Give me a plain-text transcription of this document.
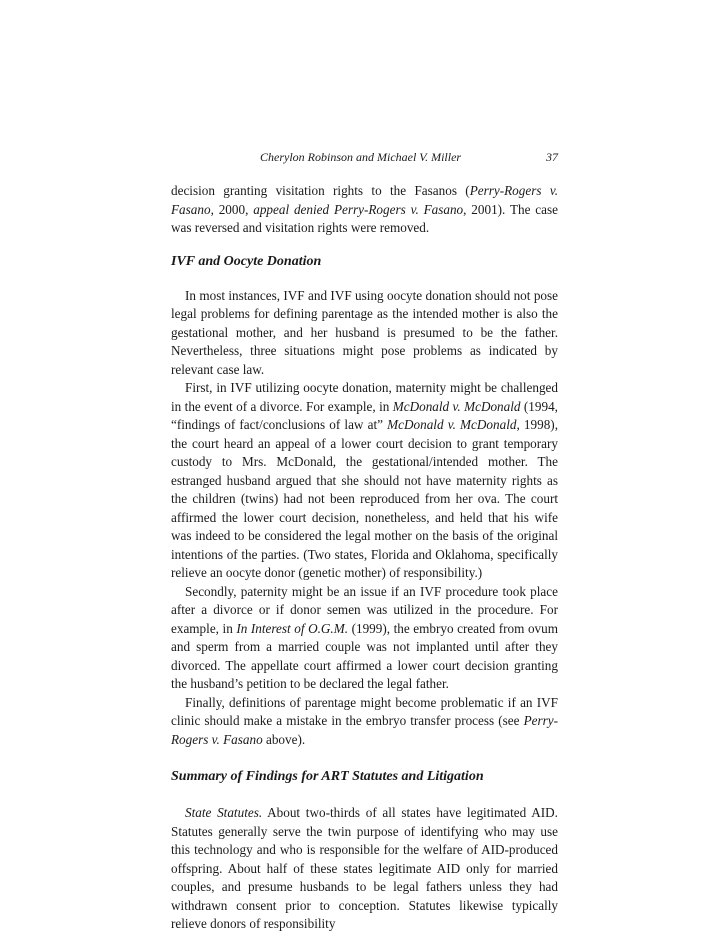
Cherylon Robinson and Michael V. Miller	37

decision granting visitation rights to the Fasanos (Perry-Rogers v. Fasano, 2000, appeal denied Perry-Rogers v. Fasano, 2001). The case was reversed and visitation rights were removed.

IVF and Oocyte Donation

In most instances, IVF and IVF using oocyte donation should not pose legal problems for defining parentage as the intended mother is also the gestational mother, and her husband is presumed to be the father. Nevertheless, three situations might pose problems as indicated by relevant case law.

First, in IVF utilizing oocyte donation, maternity might be challenged in the event of a divorce. For example, in McDonald v. McDonald (1994, “findings of fact/conclusions of law at” McDonald v. McDonald, 1998), the court heard an appeal of a lower court decision to grant temporary custody to Mrs. McDonald, the gestational/intended mother. The estranged husband argued that she should not have maternity rights as the children (twins) had not been reproduced from her ova. The court affirmed the lower court decision, nonetheless, and held that his wife was indeed to be considered the legal mother on the basis of the original intentions of the parties. (Two states, Florida and Oklahoma, specifically relieve an oocyte donor (genetic mother) of responsibility.)

Secondly, paternity might be an issue if an IVF procedure took place after a divorce or if donor semen was utilized in the procedure. For example, in In Interest of O.G.M. (1999), the embryo created from ovum and sperm from a married couple was not implanted until after they divorced. The appellate court affirmed a lower court decision granting the husband’s petition to be declared the legal father.

Finally, definitions of parentage might become problematic if an IVF clinic should make a mistake in the embryo transfer process (see Perry-Rogers v. Fasano above).

Summary of Findings for ART Statutes and Litigation

State Statutes. About two-thirds of all states have legitimated AID. Statutes generally serve the twin purpose of identifying who may use this technology and who is responsible for the welfare of AID-produced offspring. About half of these states legitimate AID only for married couples, and presume husbands to be legal fathers unless they had withdrawn consent prior to conception. Statutes likewise typically relieve donors of responsibility
